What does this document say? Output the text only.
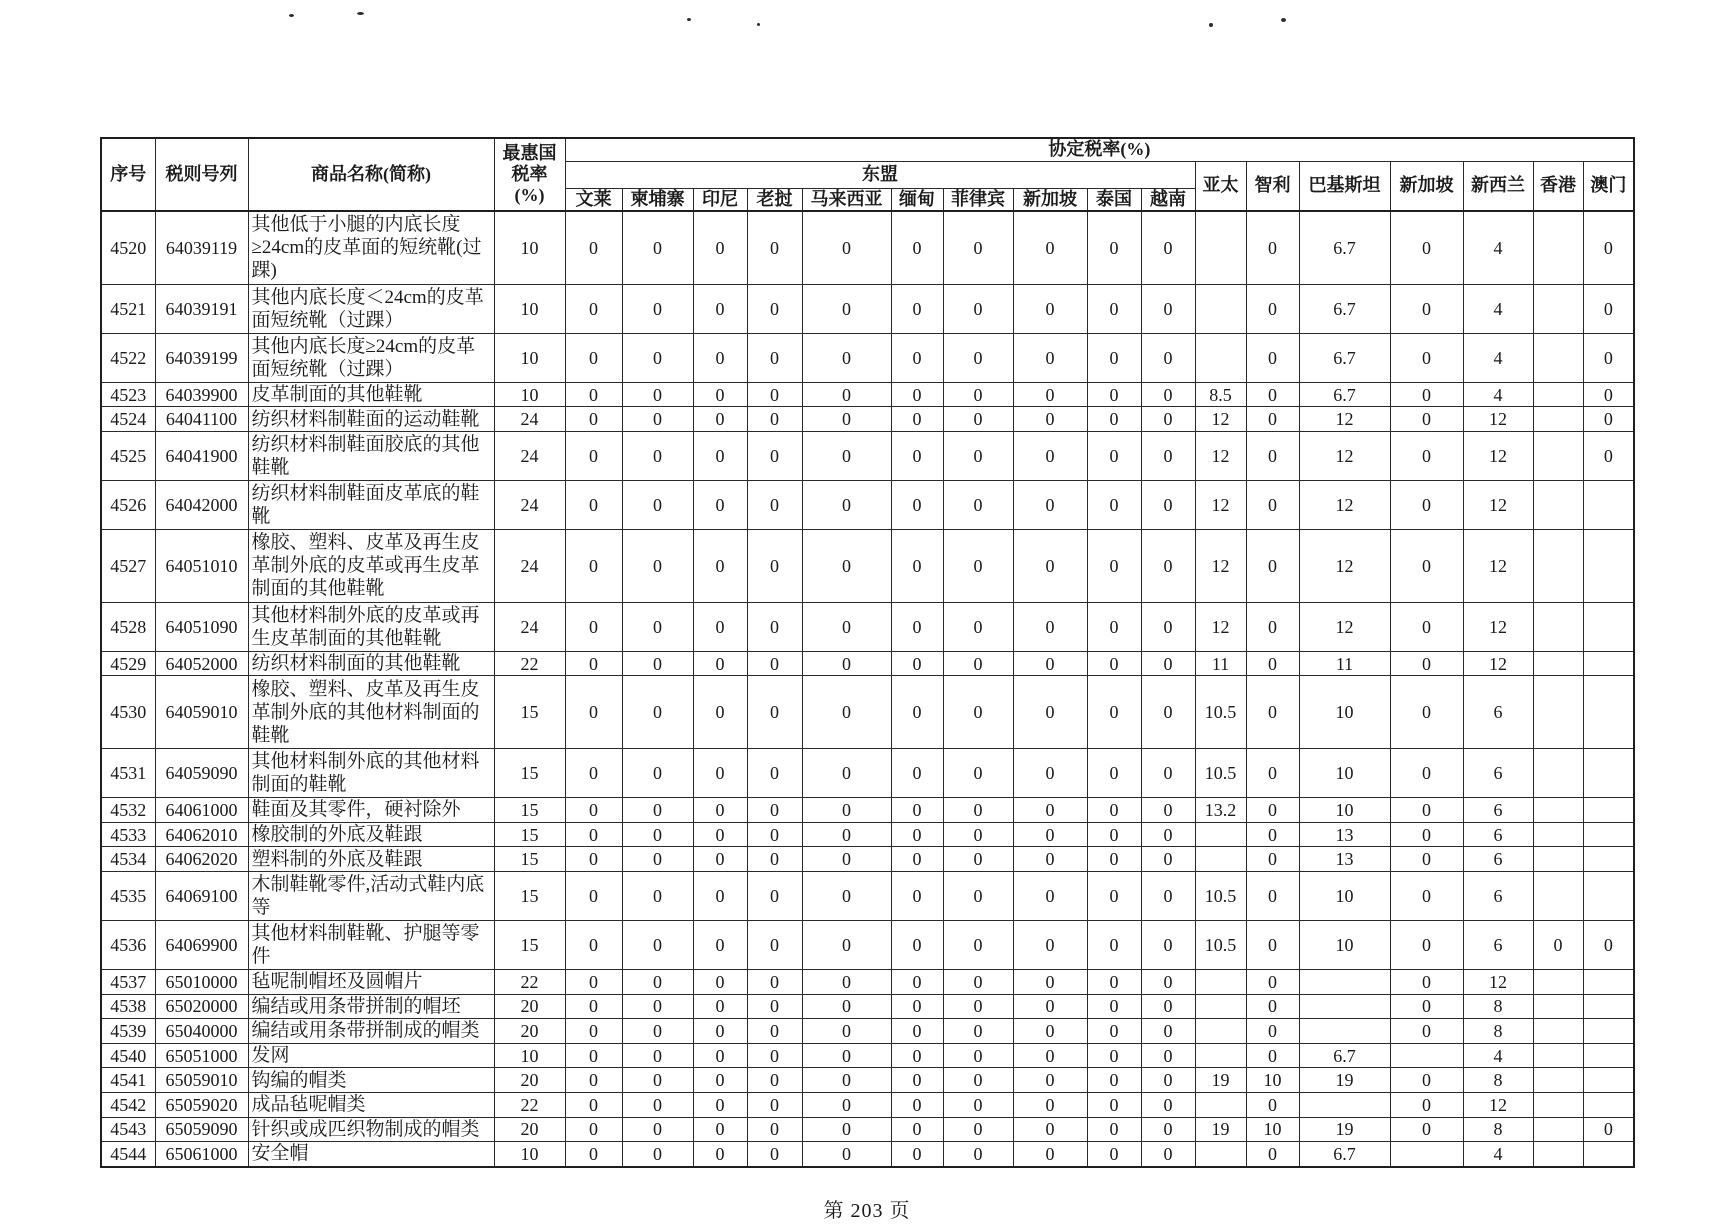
序号	税则号列	商品名称(简称)	最惠国
税率
(%)	协定税率(%)																
				东盟										亚太	智利	巴基斯坦	新加坡	新西兰	香港	澳门
				文莱	柬埔寨	印尼	老挝	马来西亚	缅甸	菲律宾	新加坡	泰国	越南							
4520	64039119	其他低于小腿的内底长度≥24cm的皮革面的短统靴(过踝)	10	0	0	0	0	0	0	0	0	0	0		0	6.7	0	4		0
4521	64039191	其他内底长度＜24cm的皮革面短统靴（过踝）	10	0	0	0	0	0	0	0	0	0	0		0	6.7	0	4		0
4522	64039199	其他内底长度≥24cm的皮革面短统靴（过踝）	10	0	0	0	0	0	0	0	0	0	0		0	6.7	0	4		0
4523	64039900	皮革制面的其他鞋靴	10	0	0	0	0	0	0	0	0	0	0	8.5	0	6.7	0	4		0
4524	64041100	纺织材料制鞋面的运动鞋靴	24	0	0	0	0	0	0	0	0	0	0	12	0	12	0	12		0
4525	64041900	纺织材料制鞋面胶底的其他鞋靴	24	0	0	0	0	0	0	0	0	0	0	12	0	12	0	12		0
4526	64042000	纺织材料制鞋面皮革底的鞋靴	24	0	0	0	0	0	0	0	0	0	0	12	0	12	0	12		
4527	64051010	橡胶、塑料、皮革及再生皮革制外底的皮革或再生皮革制面的其他鞋靴	24	0	0	0	0	0	0	0	0	0	0	12	0	12	0	12		
4528	64051090	其他材料制外底的皮革或再生皮革制面的其他鞋靴	24	0	0	0	0	0	0	0	0	0	0	12	0	12	0	12		
4529	64052000	纺织材料制面的其他鞋靴	22	0	0	0	0	0	0	0	0	0	0	11	0	11	0	12		
4530	64059010	橡胶、塑料、皮革及再生皮革制外底的其他材料制面的鞋靴	15	0	0	0	0	0	0	0	0	0	0	10.5	0	10	0	6		
4531	64059090	其他材料制外底的其他材料制面的鞋靴	15	0	0	0	0	0	0	0	0	0	0	10.5	0	10	0	6		
4532	64061000	鞋面及其零件，硬衬除外	15	0	0	0	0	0	0	0	0	0	0	13.2	0	10	0	6		
4533	64062010	橡胶制的外底及鞋跟	15	0	0	0	0	0	0	0	0	0	0		0	13	0	6		
4534	64062020	塑料制的外底及鞋跟	15	0	0	0	0	0	0	0	0	0	0		0	13	0	6		
4535	64069100	木制鞋靴零件,活动式鞋内底等	15	0	0	0	0	0	0	0	0	0	0	10.5	0	10	0	6		
4536	64069900	其他材料制鞋靴、护腿等零件	15	0	0	0	0	0	0	0	0	0	0	10.5	0	10	0	6	0	0
4537	65010000	毡呢制帽坯及圆帽片	22	0	0	0	0	0	0	0	0	0	0		0		0	12		
4538	65020000	编结或用条带拼制的帽坯	20	0	0	0	0	0	0	0	0	0	0		0		0	8		
4539	65040000	编结或用条带拼制成的帽类	20	0	0	0	0	0	0	0	0	0	0		0		0	8		
4540	65051000	发网	10	0	0	0	0	0	0	0	0	0	0		0	6.7		4		
4541	65059010	钩编的帽类	20	0	0	0	0	0	0	0	0	0	0	19	10	19	0	8		
4542	65059020	成品毡呢帽类	22	0	0	0	0	0	0	0	0	0	0		0		0	12		
4543	65059090	针织或成匹织物制成的帽类	20	0	0	0	0	0	0	0	0	0	0	19	10	19	0	8		0
4544	65061000	安全帽	10	0	0	0	0	0	0	0	0	0	0		0	6.7		4		
第 203 页
